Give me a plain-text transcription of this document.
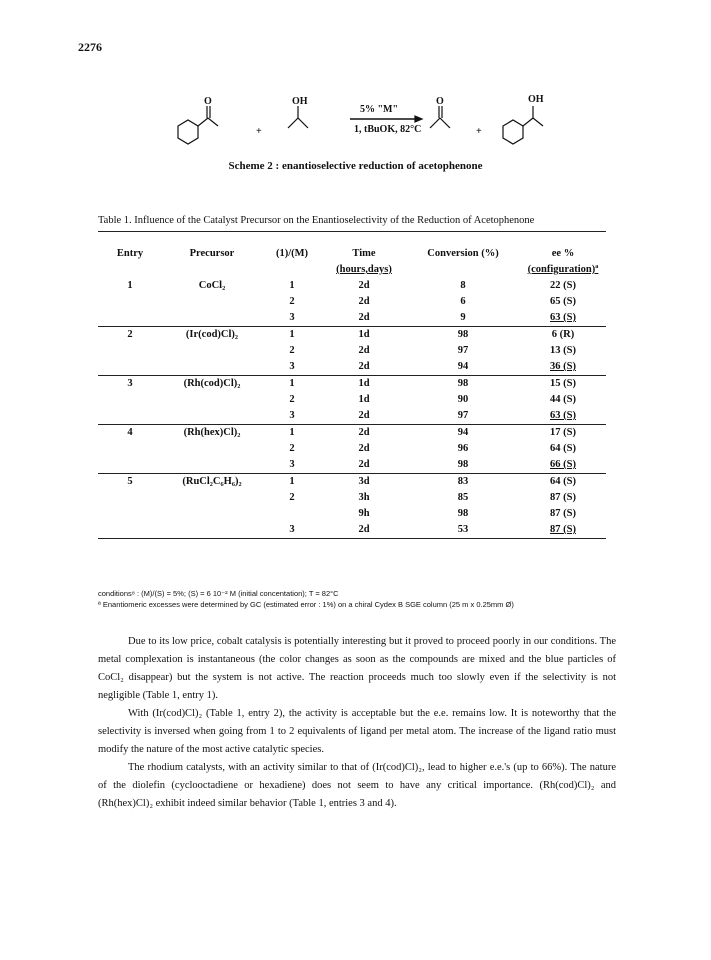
2276
O
+
OH
5% "M"
1, tBuOK, 82°C
O
+
OH
Scheme 2 : enantioselective reduction of acetophenone
Table 1. Influence of the Catalyst Precursor on the Enantioselectivity of the Reduction of Acetophenone
Entry	Precursor	(1)/(M)	Time	Conversion (%)	ee %
			(hours,days)		(configuration)ª
1	CoCl₂	1	2d	8	22 (S)
		2	2d	6	65 (S)
		3	2d	9	63 (S)
2	(Ir(cod)Cl)₂	1	1d	98	6 (R)
		2	2d	97	13 (S)
		3	2d	94	36 (S)
3	(Rh(cod)Cl)₂	1	1d	98	15 (S)
		2	1d	90	44 (S)
		3	2d	97	63 (S)
4	(Rh(hex)Cl)₂	1	2d	94	17 (S)
		2	2d	96	64 (S)
		3	2d	98	66 (S)
5	(RuCl₂C₆H₆)₂	1	3d	83	64 (S)
		2	3h	85	87 (S)
			9h	98	87 (S)
		3	2d	53	87 (S)
conditions⁸ : (M)/(S) = 5%; (S) = 6 10⁻² M (initial concentation); T = 82°C
ª Enantiomeric excesses were determined by GC (estimated error : 1%) on a chiral Cydex B SGE column (25 m x 0.25mm Ø)

Due to its low price, cobalt catalysis is potentially interesting but it proved to proceed poorly in our conditions. The metal complexation is instantaneous (the color changes as soon as the compounds are mixed and the blue particles of CoCl₂ disappear) but the system is not active. The reaction proceeds much too slowly even if the selectivity is not negligible (Table 1, entry 1).

With (Ir(cod)Cl)₂ (Table 1, entry 2), the activity is acceptable but the e.e. remains low. It is noteworthy that the selectivity is inversed when going from 1 to 2 equivalents of ligand per metal atom. The increase of the ligand ratio must modify the nature of the most active catalytic species.

The rhodium catalysts, with an activity similar to that of (Ir(cod)Cl)₂, lead to higher e.e.'s (up to 66%). The nature of the diolefin (cyclooctadiene or hexadiene) does not seem to have any critical importance. (Rh(cod)Cl)₂ and (Rh(hex)Cl)₂ exhibit indeed similar behavior (Table 1, entries 3 and 4).
